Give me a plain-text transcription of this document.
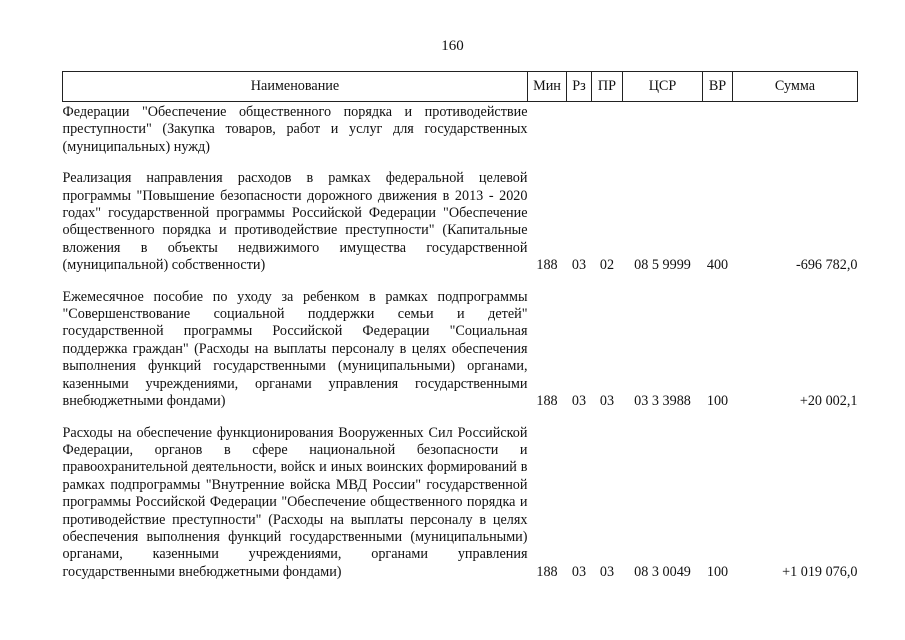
160
Наименование	Мин	Рз	ПР	ЦСР	ВР	Сумма
Федерации "Обеспечение общественного порядка и противодействие преступности" (Закупка товаров, работ и услуг для государственных (муниципальных) нужд)						
Реализация направления расходов в рамках федеральной целевой программы "Повышение безопасности дорожного движения в 2013 - 2020 годах" государственной программы Российской Федерации "Обеспечение общественного порядка и противодействие преступности" (Капитальные вложения в объекты недвижимого имущества государственной (муниципальной) собственности)	188	03	02	08 5 9999	400	-696 782,0
Ежемесячное пособие по уходу за ребенком в рамках подпрограммы "Совершенствование социальной поддержки семьи и детей" государственной программы Российской Федерации "Социальная поддержка граждан" (Расходы на выплаты персоналу в целях обеспечения выполнения функций государственными (муниципальными) органами, казенными учреждениями, органами управления государственными внебюджетными фондами)	188	03	03	03 3 3988	100	+20 002,1
Расходы на обеспечение функционирования Вооруженных Сил Российской Федерации, органов в сфере национальной безопасности и правоохранительной деятельности, войск и иных воинских формирований в рамках подпрограммы "Внутренние войска МВД России" государственной программы Российской Федерации "Обеспечение общественного порядка и противодействие преступности" (Расходы на выплаты персоналу в целях обеспечения выполнения функций государственными (муниципальными) органами, казенными учреждениями, органами управления государственными внебюджетными фондами)	188	03	03	08 3 0049	100	+1 019 076,0
